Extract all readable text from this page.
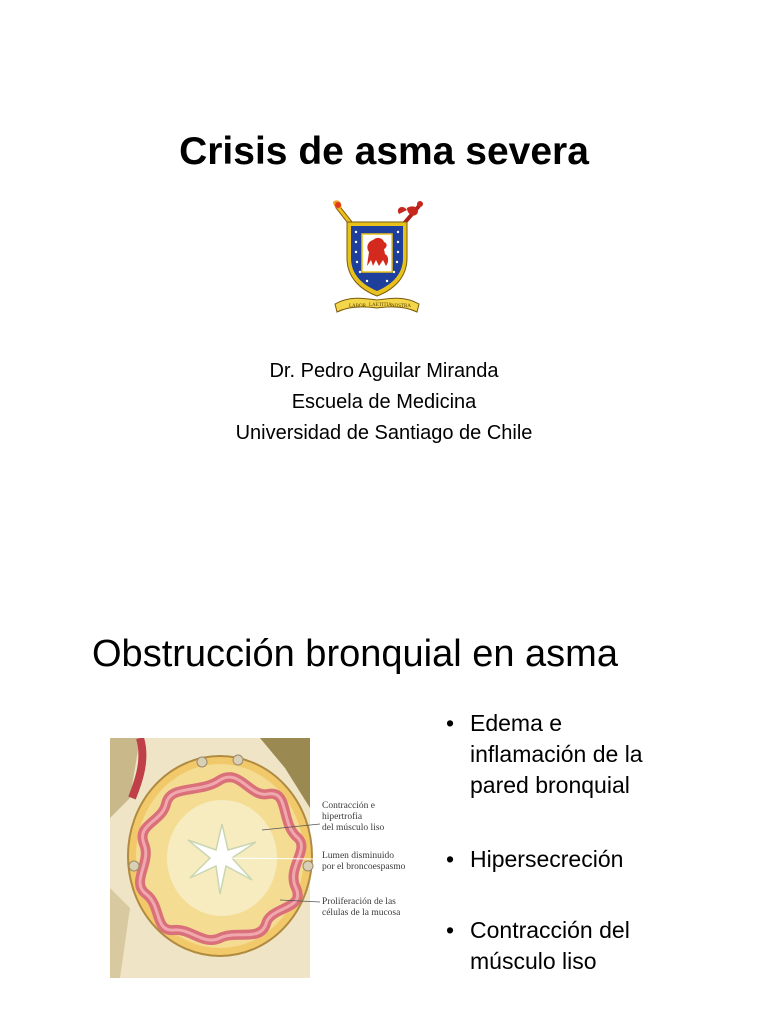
Crisis de asma severa
LABOR LAETITIA NOSTRA
Dr. Pedro Aguilar Miranda
Escuela de Medicina
Universidad de Santiago de Chile
Obstrucción bronquial en asma
Contracción e
hipertrofia
del músculo liso
Lumen disminuido
por el broncoespasmo
Proliferación de las
células de la mucosa
• Edema e
inflamación de la
pared bronquial
• Hipersecreción
• Contracción del
músculo liso
